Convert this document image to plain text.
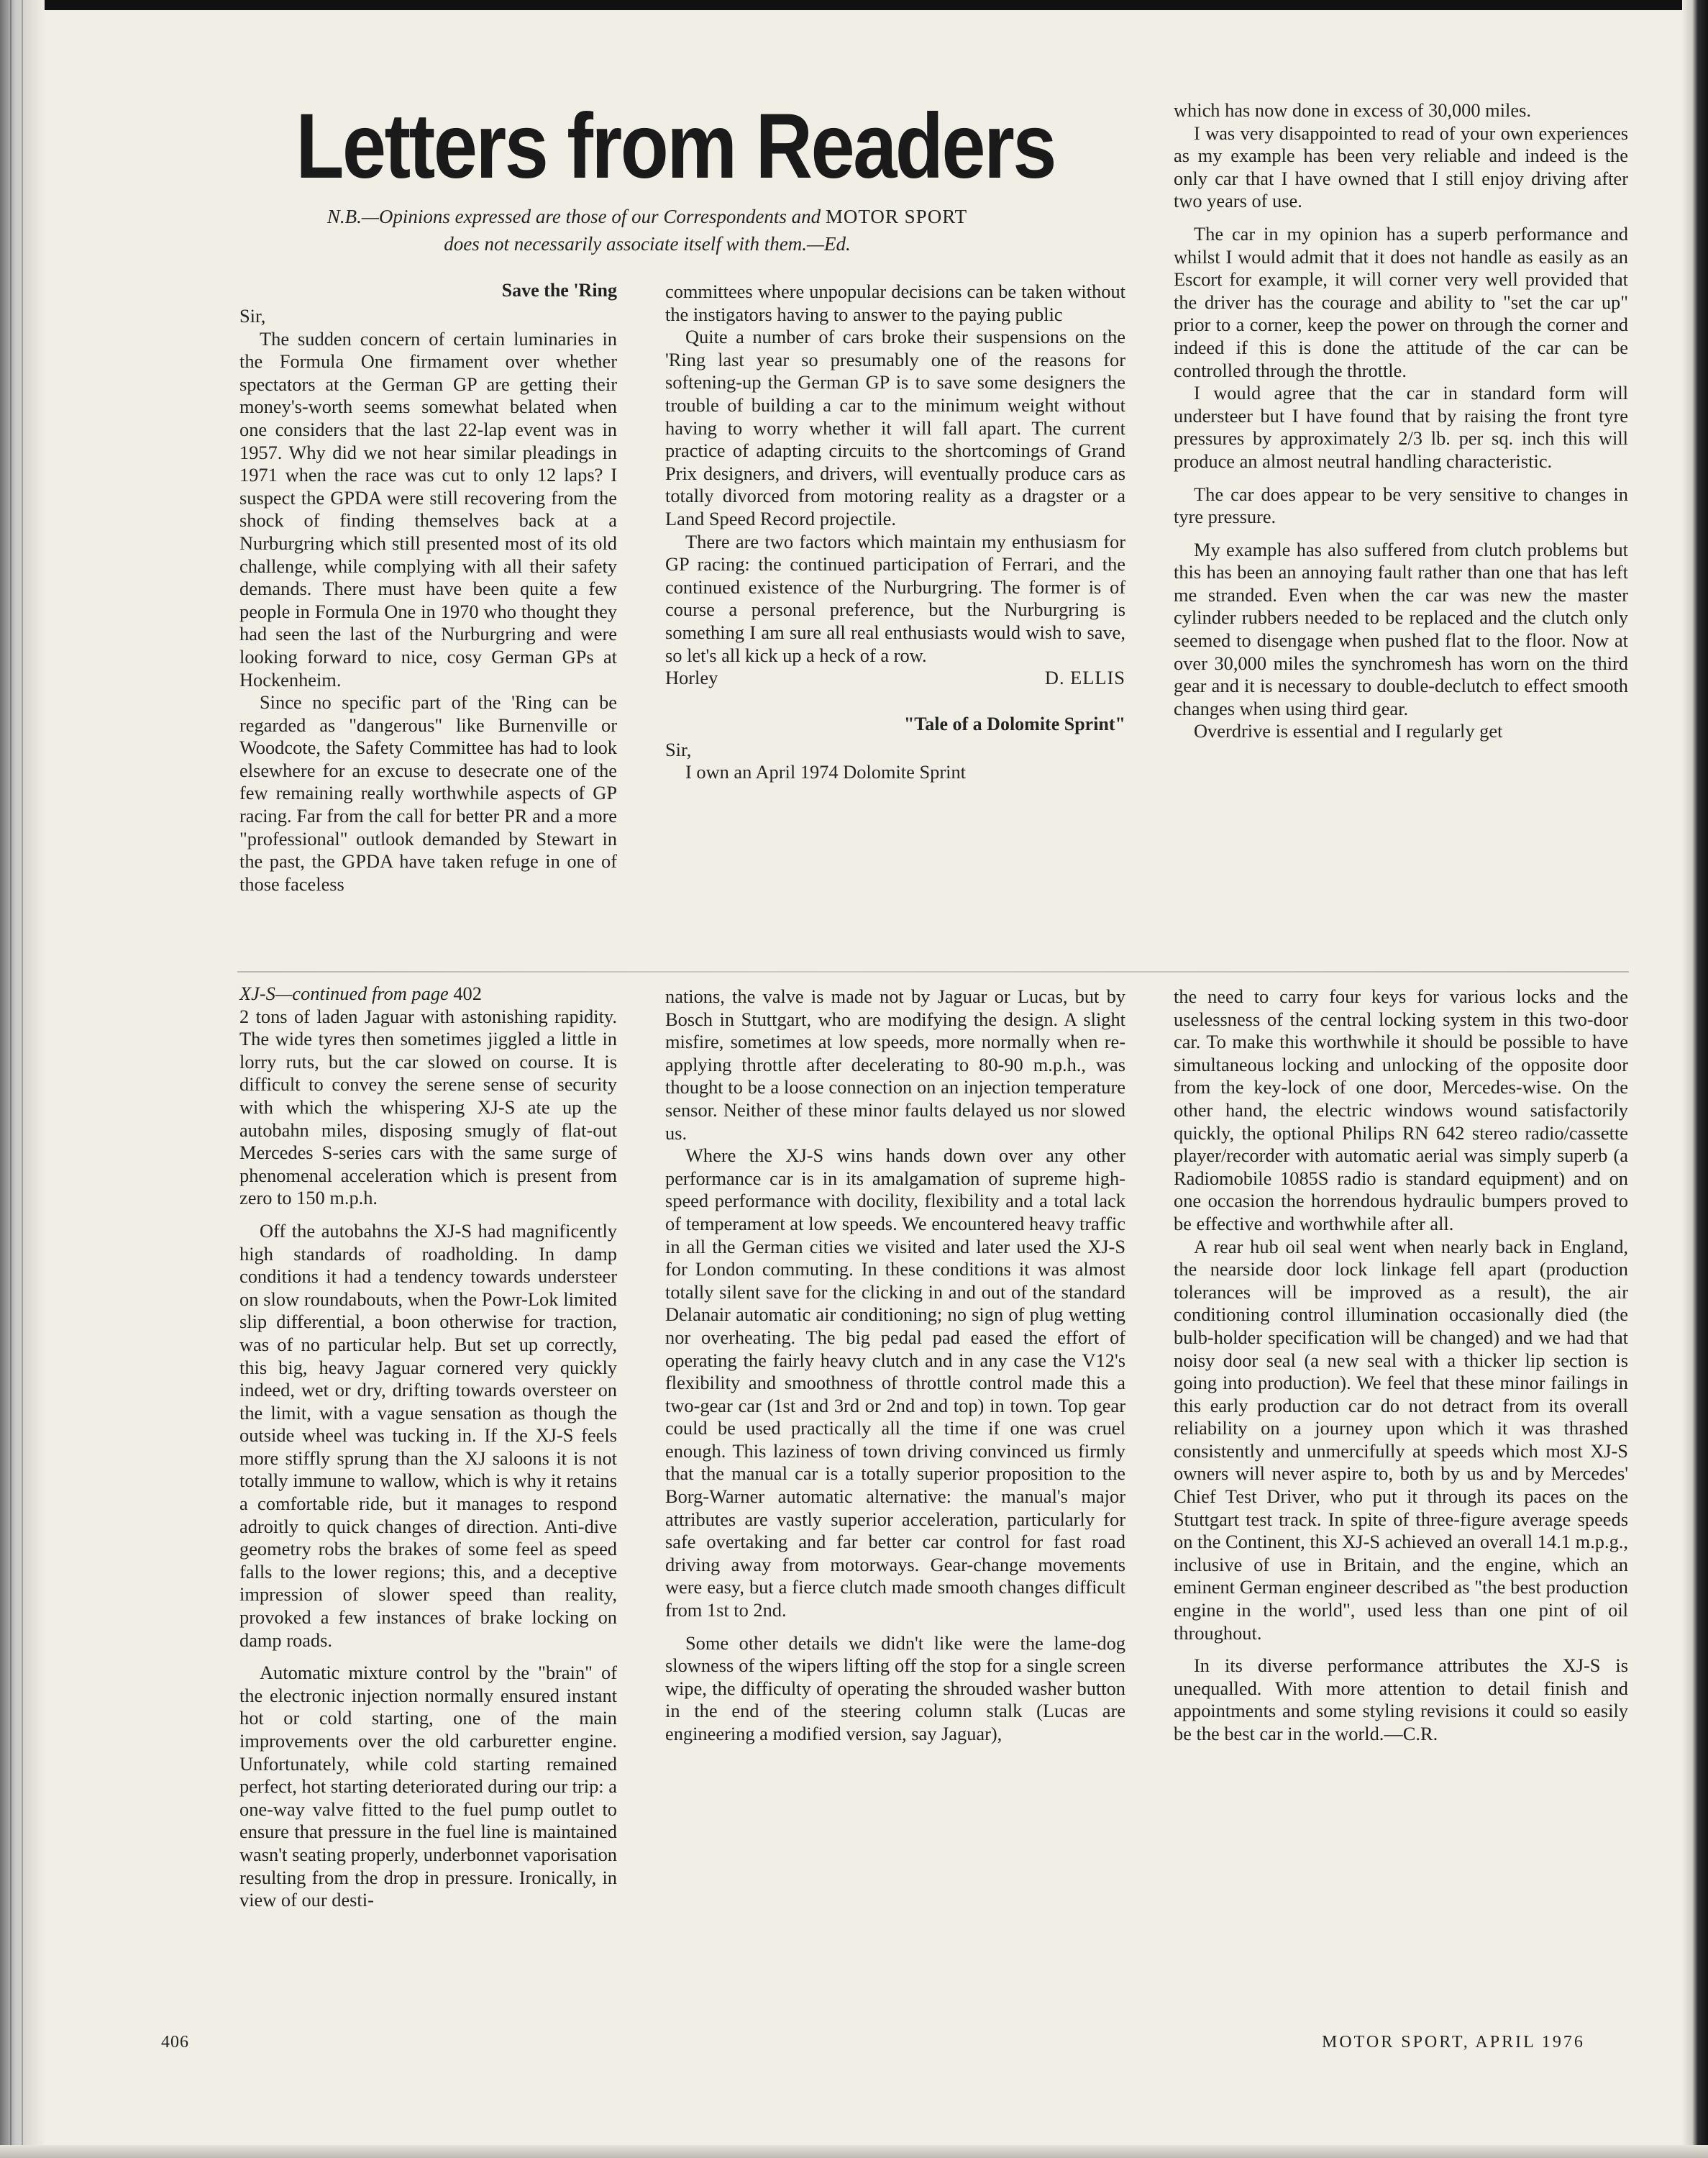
Letters from Readers
N.B.—Opinions expressed are those of our Correspondents and MOTOR SPORT
does not necessarily associate itself with them.—Ed.
Save the 'Ring

Sir,

The sudden concern of certain luminaries in the Formula One firmament over whether spectators at the German GP are getting their money's-worth seems somewhat belated when one considers that the last 22-lap event was in 1957. Why did we not hear similar pleadings in 1971 when the race was cut to only 12 laps? I suspect the GPDA were still recovering from the shock of finding themselves back at a Nurburgring which still presented most of its old challenge, while complying with all their safety demands. There must have been quite a few people in Formula One in 1970 who thought they had seen the last of the Nurburgring and were looking forward to nice, cosy German GPs at Hockenheim.

Since no specific part of the 'Ring can be regarded as "dangerous" like Burnenville or Woodcote, the Safety Committee has had to look elsewhere for an excuse to desecrate one of the few remaining really worthwhile aspects of GP racing. Far from the call for better PR and a more "professional" outlook demanded by Stewart in the past, the GPDA have taken refuge in one of those faceless

committees where unpopular decisions can be taken without the instigators having to answer to the paying public

Quite a number of cars broke their suspensions on the 'Ring last year so presumably one of the reasons for softening-up the German GP is to save some designers the trouble of building a car to the minimum weight without having to worry whether it will fall apart. The current practice of adapting circuits to the shortcomings of Grand Prix designers, and drivers, will eventually produce cars as totally divorced from motoring reality as a dragster or a Land Speed Record projectile.

There are two factors which maintain my enthusiasm for GP racing: the continued participation of Ferrari, and the continued existence of the Nurburgring. The former is of course a personal preference, but the Nurburgring is something I am sure all real enthusiasts would wish to save, so let's all kick up a heck of a row.

Horley	D. ELLIS
"Tale of a Dolomite Sprint"

Sir,

I own an April 1974 Dolomite Sprint

which has now done in excess of 30,000 miles.

I was very disappointed to read of your own experiences as my example has been very reliable and indeed is the only car that I have owned that I still enjoy driving after two years of use.

The car in my opinion has a superb performance and whilst I would admit that it does not handle as easily as an Escort for example, it will corner very well provided that the driver has the courage and ability to "set the car up" prior to a corner, keep the power on through the corner and indeed if this is done the attitude of the car can be controlled through the throttle.

I would agree that the car in standard form will understeer but I have found that by raising the front tyre pressures by approximately 2/3 lb. per sq. inch this will produce an almost neutral handling characteristic.

The car does appear to be very sensitive to changes in tyre pressure.

My example has also suffered from clutch problems but this has been an annoying fault rather than one that has left me stranded. Even when the car was new the master cylinder rubbers needed to be replaced and the clutch only seemed to disengage when pushed flat to the floor. Now at over 30,000 miles the synchromesh has worn on the third gear and it is necessary to double-declutch to effect smooth changes when using third gear.

Overdrive is essential and I regularly get

XJ-S—continued from page 402

2 tons of laden Jaguar with astonishing rapidity. The wide tyres then sometimes jiggled a little in lorry ruts, but the car slowed on course. It is difficult to convey the serene sense of security with which the whispering XJ-S ate up the autobahn miles, disposing smugly of flat-out Mercedes S-series cars with the same surge of phenomenal acceleration which is present from zero to 150 m.p.h.

Off the autobahns the XJ-S had magnificently high standards of roadholding. In damp conditions it had a tendency towards understeer on slow roundabouts, when the Powr-Lok limited slip differential, a boon otherwise for traction, was of no particular help. But set up correctly, this big, heavy Jaguar cornered very quickly indeed, wet or dry, drifting towards oversteer on the limit, with a vague sensation as though the outside wheel was tucking in. If the XJ-S feels more stiffly sprung than the XJ saloons it is not totally immune to wallow, which is why it retains a comfortable ride, but it manages to respond adroitly to quick changes of direction. Anti-dive geometry robs the brakes of some feel as speed falls to the lower regions; this, and a deceptive impression of slower speed than reality, provoked a few instances of brake locking on damp roads.

Automatic mixture control by the "brain" of the electronic injection normally ensured instant hot or cold starting, one of the main improvements over the old carburetter engine. Unfortunately, while cold starting remained perfect, hot starting deteriorated during our trip: a one-way valve fitted to the fuel pump outlet to ensure that pressure in the fuel line is maintained wasn't seating properly, underbonnet vaporisation resulting from the drop in pressure. Ironically, in view of our desti-

nations, the valve is made not by Jaguar or Lucas, but by Bosch in Stuttgart, who are modifying the design. A slight misfire, sometimes at low speeds, more normally when re-applying throttle after decelerating to 80-90 m.p.h., was thought to be a loose connection on an injection temperature sensor. Neither of these minor faults delayed us nor slowed us.

Where the XJ-S wins hands down over any other performance car is in its amalgamation of supreme high-speed performance with docility, flexibility and a total lack of temperament at low speeds. We encountered heavy traffic in all the German cities we visited and later used the XJ-S for London commuting. In these conditions it was almost totally silent save for the clicking in and out of the standard Delanair automatic air conditioning; no sign of plug wetting nor overheating. The big pedal pad eased the effort of operating the fairly heavy clutch and in any case the V12's flexibility and smoothness of throttle control made this a two-gear car (1st and 3rd or 2nd and top) in town. Top gear could be used practically all the time if one was cruel enough. This laziness of town driving convinced us firmly that the manual car is a totally superior proposition to the Borg-Warner automatic alternative: the manual's major attributes are vastly superior acceleration, particularly for safe overtaking and far better car control for fast road driving away from motorways. Gear-change movements were easy, but a fierce clutch made smooth changes difficult from 1st to 2nd.

Some other details we didn't like were the lame-dog slowness of the wipers lifting off the stop for a single screen wipe, the difficulty of operating the shrouded washer button in the end of the steering column stalk (Lucas are engineering a modified version, say Jaguar),

the need to carry four keys for various locks and the uselessness of the central locking system in this two-door car. To make this worthwhile it should be possible to have simultaneous locking and unlocking of the opposite door from the key-lock of one door, Mercedes-wise. On the other hand, the electric windows wound satisfactorily quickly, the optional Philips RN 642 stereo radio/cassette player/recorder with automatic aerial was simply superb (a Radiomobile 1085S radio is standard equipment) and on one occasion the horrendous hydraulic bumpers proved to be effective and worthwhile after all.

A rear hub oil seal went when nearly back in England, the nearside door lock linkage fell apart (production tolerances will be improved as a result), the air conditioning control illumination occasionally died (the bulb-holder specification will be changed) and we had that noisy door seal (a new seal with a thicker lip section is going into production). We feel that these minor failings in this early production car do not detract from its overall reliability on a journey upon which it was thrashed consistently and unmercifully at speeds which most XJ-S owners will never aspire to, both by us and by Mercedes' Chief Test Driver, who put it through its paces on the Stuttgart test track. In spite of three-figure average speeds on the Continent, this XJ-S achieved an overall 14.1 m.p.g., inclusive of use in Britain, and the engine, which an eminent German engineer described as "the best production engine in the world", used less than one pint of oil throughout.

In its diverse performance attributes the XJ-S is unequalled. With more attention to detail finish and appointments and some styling revisions it could so easily be the best car in the world.—C.R.

406	MOTOR SPORT, APRIL 1976
